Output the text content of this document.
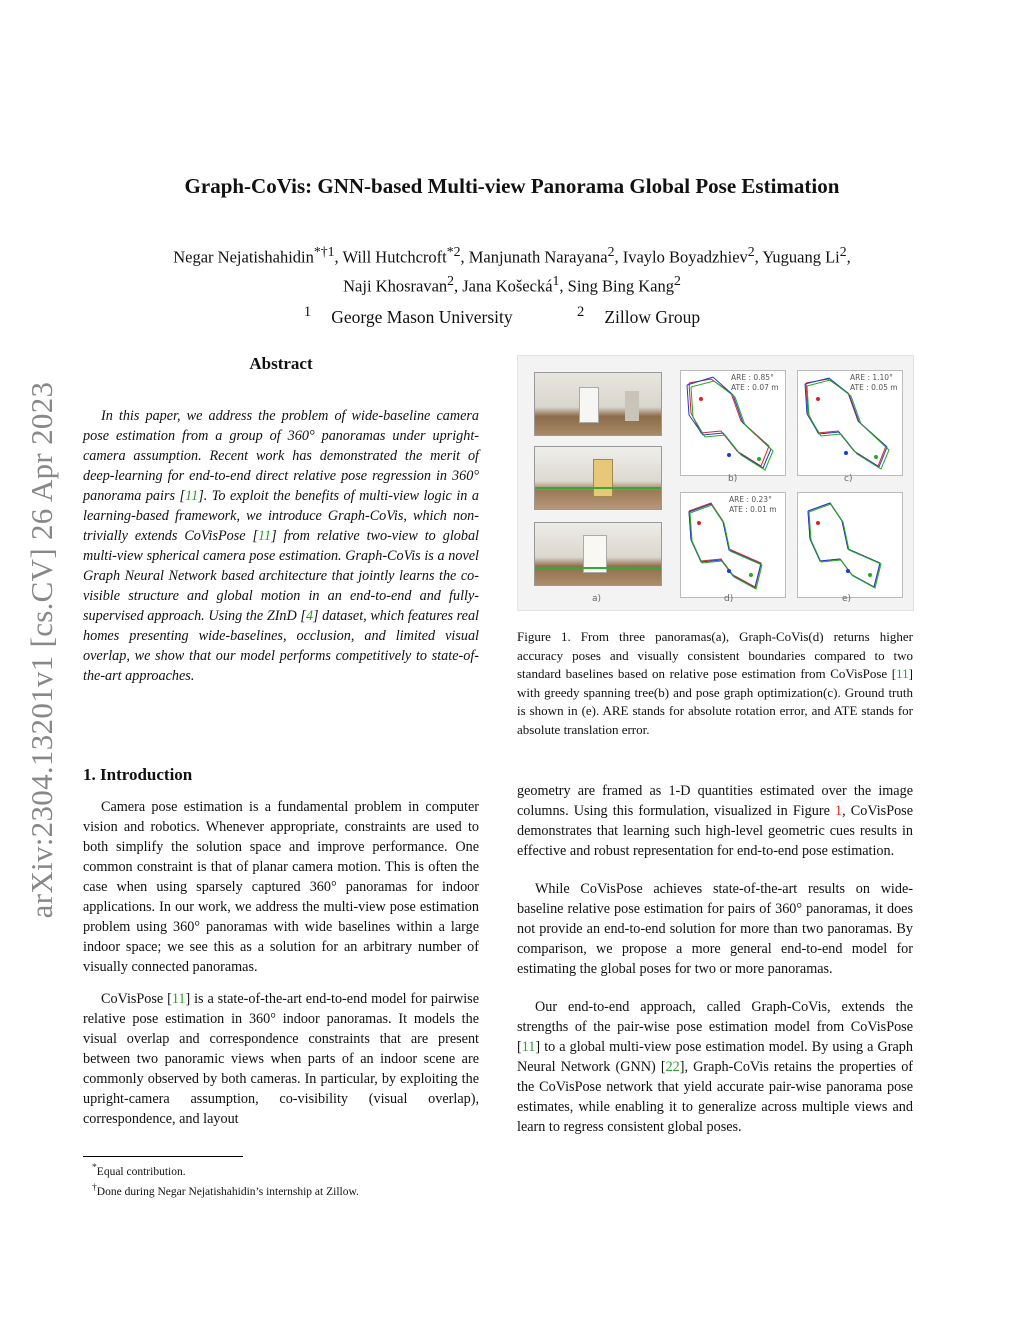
arXiv:2304.13201v1 [cs.CV] 26 Apr 2023
Graph-CoVis: GNN-based Multi-view Panorama Global Pose Estimation
Negar Nejatishahidin$^{*\dagger 1}$, Will Hutchcroft$^{*2}$, Manjunath Narayana$^2$, Ivaylo Boyadzhiev$^2$, Yuguang Li$^2$,
Naji Khosravan$^2$, Jana Košecká$^1$, Sing Bing Kang$^2$
$^1$ George Mason University	$^2$ Zillow Group
Abstract

In this paper, we address the problem of wide-baseline camera pose estimation from a group of 360° panoramas under upright-camera assumption. Recent work has demonstrated the merit of deep-learning for end-to-end direct relative pose regression in 360° panorama pairs [11]. To exploit the benefits of multi-view logic in a learning-based framework, we introduce Graph-CoVis, which non-trivially extends CoVisPose [11] from relative two-view to global multi-view spherical camera pose estimation. Graph-CoVis is a novel Graph Neural Network based architecture that jointly learns the co-visible structure and global motion in an end-to-end and fully-supervised approach. Using the ZInD [4] dataset, which features real homes presenting wide-baselines, occlusion, and limited visual overlap, we show that our model performs competitively to state-of-the-art approaches.

1. Introduction

Camera pose estimation is a fundamental problem in computer vision and robotics. Whenever appropriate, constraints are used to both simplify the solution space and improve performance. One common constraint is that of planar camera motion. This is often the case when using sparsely captured 360° panoramas for indoor applications. In our work, we address the multi-view pose estimation problem using 360° panoramas with wide baselines within a large indoor space; we see this as a solution for an arbitrary number of visually connected panoramas.

CoVisPose [11] is a state-of-the-art end-to-end model for pairwise relative pose estimation in 360° indoor panoramas. It models the visual overlap and correspondence constraints that are present between two panoramic views when parts of an indoor scene are commonly observed by both cameras. In particular, by exploiting the upright-camera assumption, co-visibility (visual overlap), correspondence, and layout

*Equal contribution.
†Done during Negar Nejatishahidin’s internship at Zillow.
a)
ARE : 0.85°
ATE : 0.07 m
b)
ARE : 1.10°
ATE : 0.05 m
c)
ARE : 0.23°
ATE : 0.01 m
d)	e)
Figure 1. From three panoramas(a), Graph-CoVis(d) returns higher accuracy poses and visually consistent boundaries compared to two standard baselines based on relative pose estimation from CoVisPose [11] with greedy spanning tree(b) and pose graph optimization(c). Ground truth is shown in (e). ARE stands for absolute rotation error, and ATE stands for absolute translation error.

geometry are framed as 1-D quantities estimated over the image columns. Using this formulation, visualized in Figure 1, CoVisPose demonstrates that learning such high-level geometric cues results in effective and robust representation for end-to-end pose estimation.

While CoVisPose achieves state-of-the-art results on wide-baseline relative pose estimation for pairs of 360° panoramas, it does not provide an end-to-end solution for more than two panoramas. By comparison, we propose a more general end-to-end model for estimating the global poses for two or more panoramas.

Our end-to-end approach, called Graph-CoVis, extends the strengths of the pair-wise pose estimation model from CoVisPose [11] to a global multi-view pose estimation model. By using a Graph Neural Network (GNN) [22], Graph-CoVis retains the properties of the CoVisPose network that yield accurate pair-wise panorama pose estimates, while enabling it to generalize across multiple views and learn to regress consistent global poses.
